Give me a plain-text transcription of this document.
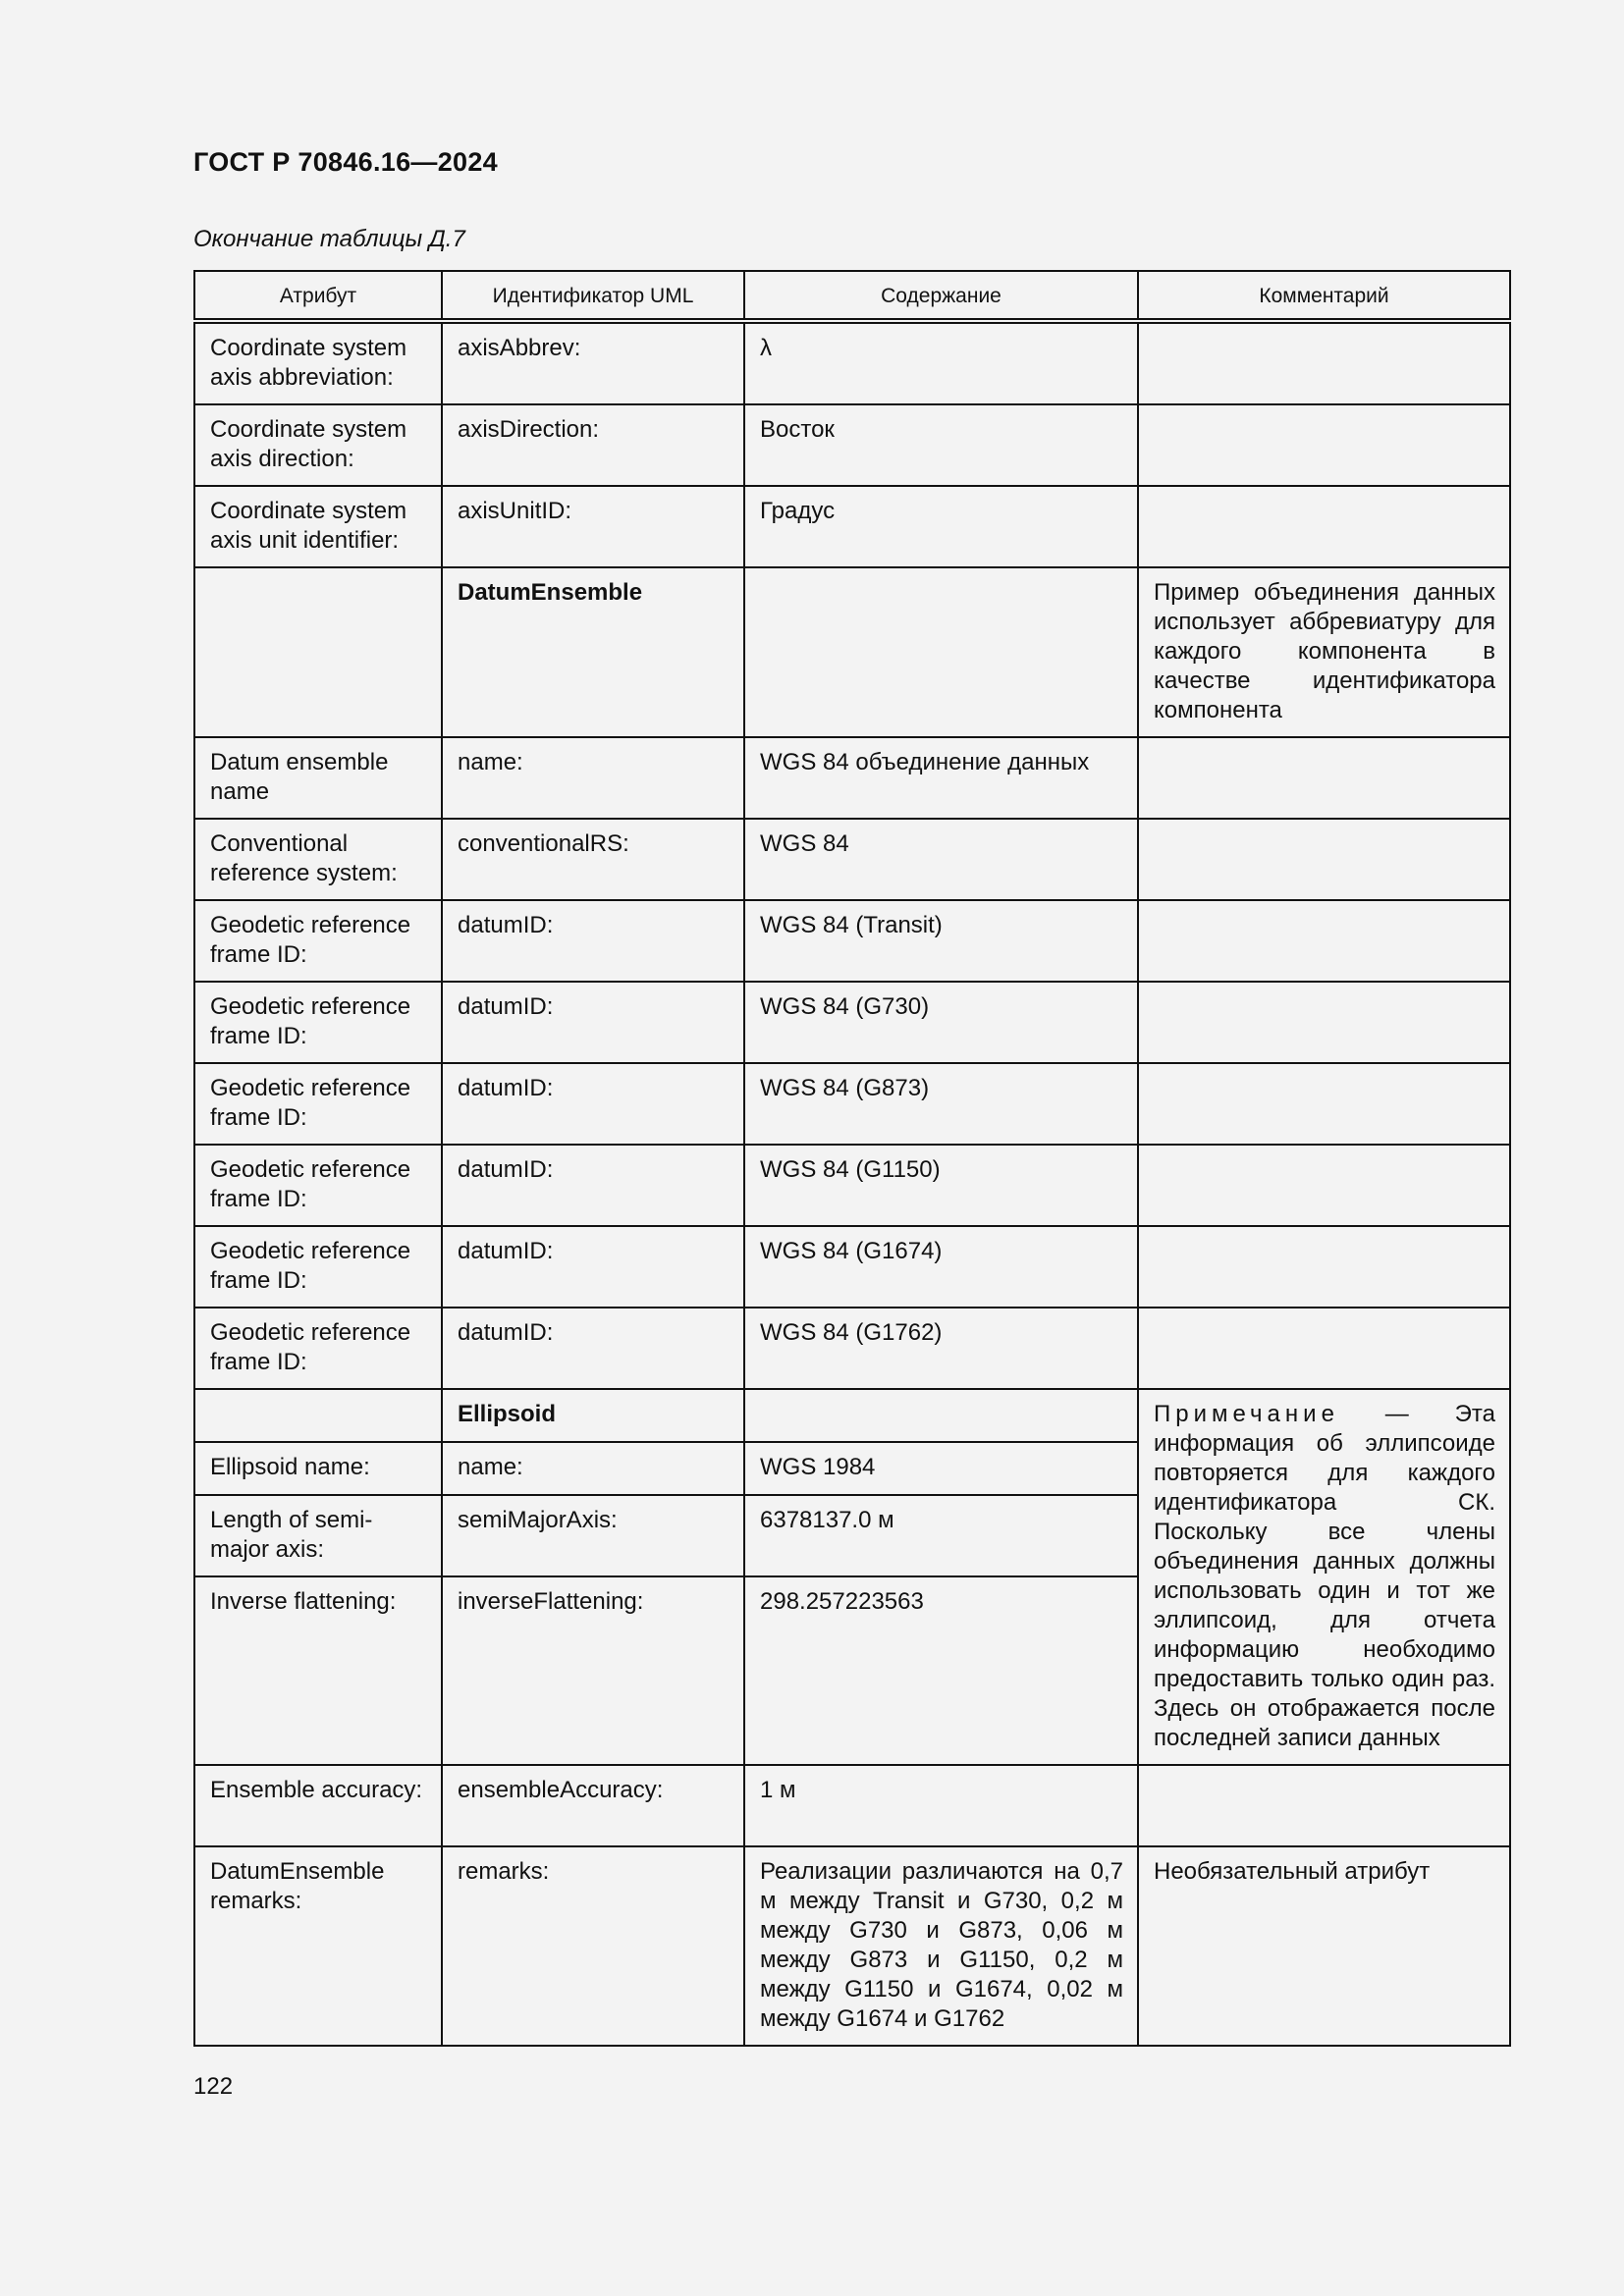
ГОСТ Р 70846.16—2024
Окончание таблицы Д.7
Атрибут	Идентификатор UML	Содержание	Комментарий
Coordinate system axis abbreviation:	axisAbbrev:	λ	
Coordinate system axis direction:	axisDirection:	Восток	
Coordinate system axis unit identifier:	axisUnitID:	Градус	
	DatumEnsemble		Пример объединения данных использует аббревиатуру для каждого компонента в качестве идентификатора компонента
Datum ensemble name	name:	WGS 84 объединение данных	
Conventional reference system:	conventionalRS:	WGS 84	
Geodetic reference frame ID:	datumID:	WGS 84 (Transit)	
Geodetic reference frame ID:	datumID:	WGS 84 (G730)	
Geodetic reference frame ID:	datumID:	WGS 84 (G873)	
Geodetic reference frame ID:	datumID:	WGS 84 (G1150)	
Geodetic reference frame ID:	datumID:	WGS 84 (G1674)	
Geodetic reference frame ID:	datumID:	WGS 84 (G1762)	
	Ellipsoid		Примечание — Эта информация об эллипсоиде повторяется для каждого идентификатора СК. Поскольку все члены объединения данных должны использовать один и тот же эллипсоид, для отчета информацию необходимо предоставить только один раз. Здесь он отображается после последней записи данных
Ellipsoid name:	name:	WGS 1984	
Length of semi-major axis:	semiMajorAxis:	6378137.0 м	
Inverse flattening:	inverseFlattening:	298.257223563	
Ensemble accuracy:	ensembleAccuracy:	1 м	
DatumEnsemble remarks:	remarks:	Реализации различаются на 0,7 м между Transit и G730, 0,2 м между G730 и G873, 0,06 м между G873 и G1150, 0,2 м между G1150 и G1674, 0,02 м между G1674 и G1762	Необязательный атрибут
122
